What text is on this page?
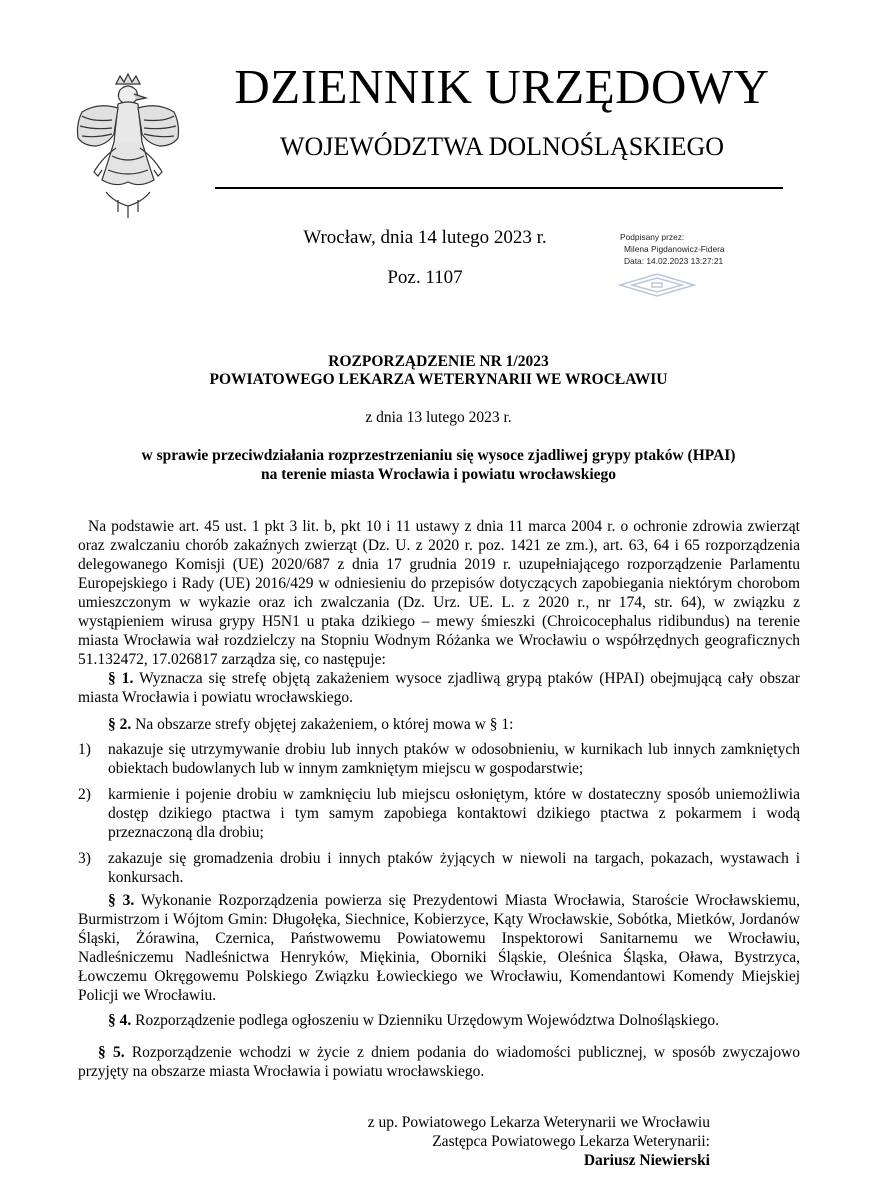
DZIENNIK URZĘDOWY
WOJEWÓDZTWA DOLNOŚLĄSKIEGO
Wrocław, dnia 14 lutego 2023 r.
Poz. 1107
Podpisany przez:
Milena Pigdanowicz-Fidera
Data: 14.02.2023 13:27:21
ROZPORZĄDZENIE NR 1/2023
POWIATOWEGO LEKARZA WETERYNARII WE WROCŁAWIU
z dnia 13 lutego 2023 r.
w sprawie przeciwdziałania rozprzestrzenianiu się wysoce zjadliwej grypy ptaków (HPAI)
na terenie miasta Wrocławia i powiatu wrocławskiego

Na podstawie art. 45 ust. 1 pkt 3 lit. b, pkt 10 i 11 ustawy z dnia 11 marca 2004 r. o ochronie zdrowia zwierząt oraz zwalczaniu chorób zakaźnych zwierząt (Dz. U. z 2020 r. poz. 1421 ze zm.), art. 63, 64 i 65 rozporządzenia delegowanego Komisji (UE) 2020/687 z dnia 17 grudnia 2019 r. uzupełniającego rozporządzenie Parlamentu Europejskiego i Rady (UE) 2016/429 w odniesieniu do przepisów dotyczących zapobiegania niektórym chorobom umieszczonym w wykazie oraz ich zwalczania (Dz. Urz. UE. L. z 2020 r., nr 174, str. 64), w związku z wystąpieniem wirusa grypy H5N1 u ptaka dzikiego – mewy śmieszki (Chroicocephalus ridibundus) na terenie miasta Wrocławia wał rozdzielczy na Stopniu Wodnym Różanka we Wrocławiu o współrzędnych geograficznych 51.132472, 17.026817 zarządza się, co następuje:

§ 1. Wyznacza się strefę objętą zakażeniem wysoce zjadliwą grypą ptaków (HPAI) obejmującą cały obszar miasta Wrocławia i powiatu wrocławskiego.

§ 2. Na obszarze strefy objętej zakażeniem, o której mowa w § 1:

1)	nakazuje się utrzymywanie drobiu lub innych ptaków w odosobnieniu, w kurnikach lub innych zamkniętych obiektach budowlanych lub w innym zamkniętym miejscu w gospodarstwie;
2)	karmienie i pojenie drobiu w zamknięciu lub miejscu osłoniętym, które w dostateczny sposób uniemożliwia dostęp dzikiego ptactwa i tym samym zapobiega kontaktowi dzikiego ptactwa z pokarmem i wodą przeznaczoną dla drobiu;
3)	zakazuje się gromadzenia drobiu i innych ptaków żyjących w niewoli na targach, pokazach, wystawach i konkursach.

§ 3. Wykonanie Rozporządzenia powierza się Prezydentowi Miasta Wrocławia, Staroście Wrocławskiemu, Burmistrzom i Wójtom Gmin: Długołęka, Siechnice, Kobierzyce, Kąty Wrocławskie, Sobótka, Mietków, Jordanów Śląski, Żórawina, Czernica, Państwowemu Powiatowemu Inspektorowi Sanitarnemu we Wrocławiu, Nadleśniczemu Nadleśnictwa Henryków, Miękinia, Oborniki Śląskie, Oleśnica Śląska, Oława, Bystrzyca, Łowczemu Okręgowemu Polskiego Związku Łowieckiego we Wrocławiu, Komendantowi Komendy Miejskiej Policji we Wrocławiu.

§ 4. Rozporządzenie podlega ogłoszeniu w Dzienniku Urzędowym Województwa Dolnośląskiego.

§ 5. Rozporządzenie wchodzi w życie z dniem podania do wiadomości publicznej, w sposób zwyczajowo przyjęty na obszarze miasta Wrocławia i powiatu wrocławskiego.

z up. Powiatowego Lekarza Weterynarii we Wrocławiu
Zastępca Powiatowego Lekarza Weterynarii:
Dariusz Niewierski
